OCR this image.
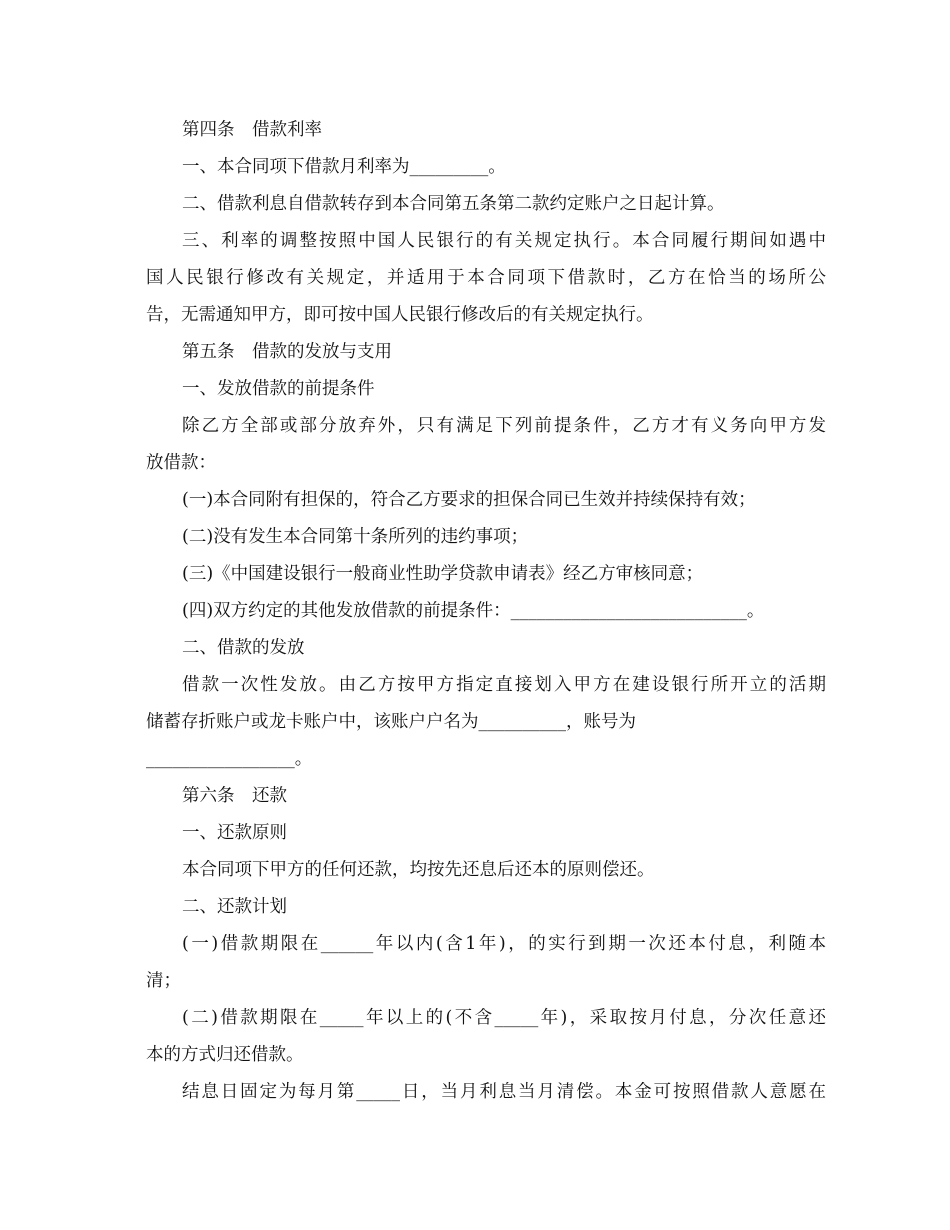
第四条　借款利率
一、本合同项下借款月利率为_________。
二、借款利息自借款转存到本合同第五条第二款约定账户之日起计算。
三、利率的调整按照中国人民银行的有关规定执行。本合同履行期间如遇中
国人民银行修改有关规定，并适用于本合同项下借款时，乙方在恰当的场所公
告，无需通知甲方，即可按中国人民银行修改后的有关规定执行。
第五条　借款的发放与支用
一、发放借款的前提条件
除乙方全部或部分放弃外，只有满足下列前提条件，乙方才有义务向甲方发
放借款：
(一)本合同附有担保的，符合乙方要求的担保合同已生效并持续保持有效；
(二)没有发生本合同第十条所列的违约事项；
(三)《中国建设银行一般商业性助学贷款申请表》经乙方审核同意；
(四)双方约定的其他发放借款的前提条件：___________________________。
二、借款的发放
借款一次性发放。由乙方按甲方指定直接划入甲方在建设银行所开立的活期
储蓄存折账户或龙卡账户中，该账户户名为__________，账号为
_________________。
第六条　还款
一、还款原则
本合同项下甲方的任何还款，均按先还息后还本的原则偿还。
二、还款计划
(一)借款期限在______年以内(含1年)，的实行到期一次还本付息，利随本
清；
(二)借款期限在_____年以上的(不含_____年)，采取按月付息，分次任意还
本的方式归还借款。
结息日固定为每月第_____日，当月利息当月清偿。本金可按照借款人意愿在
